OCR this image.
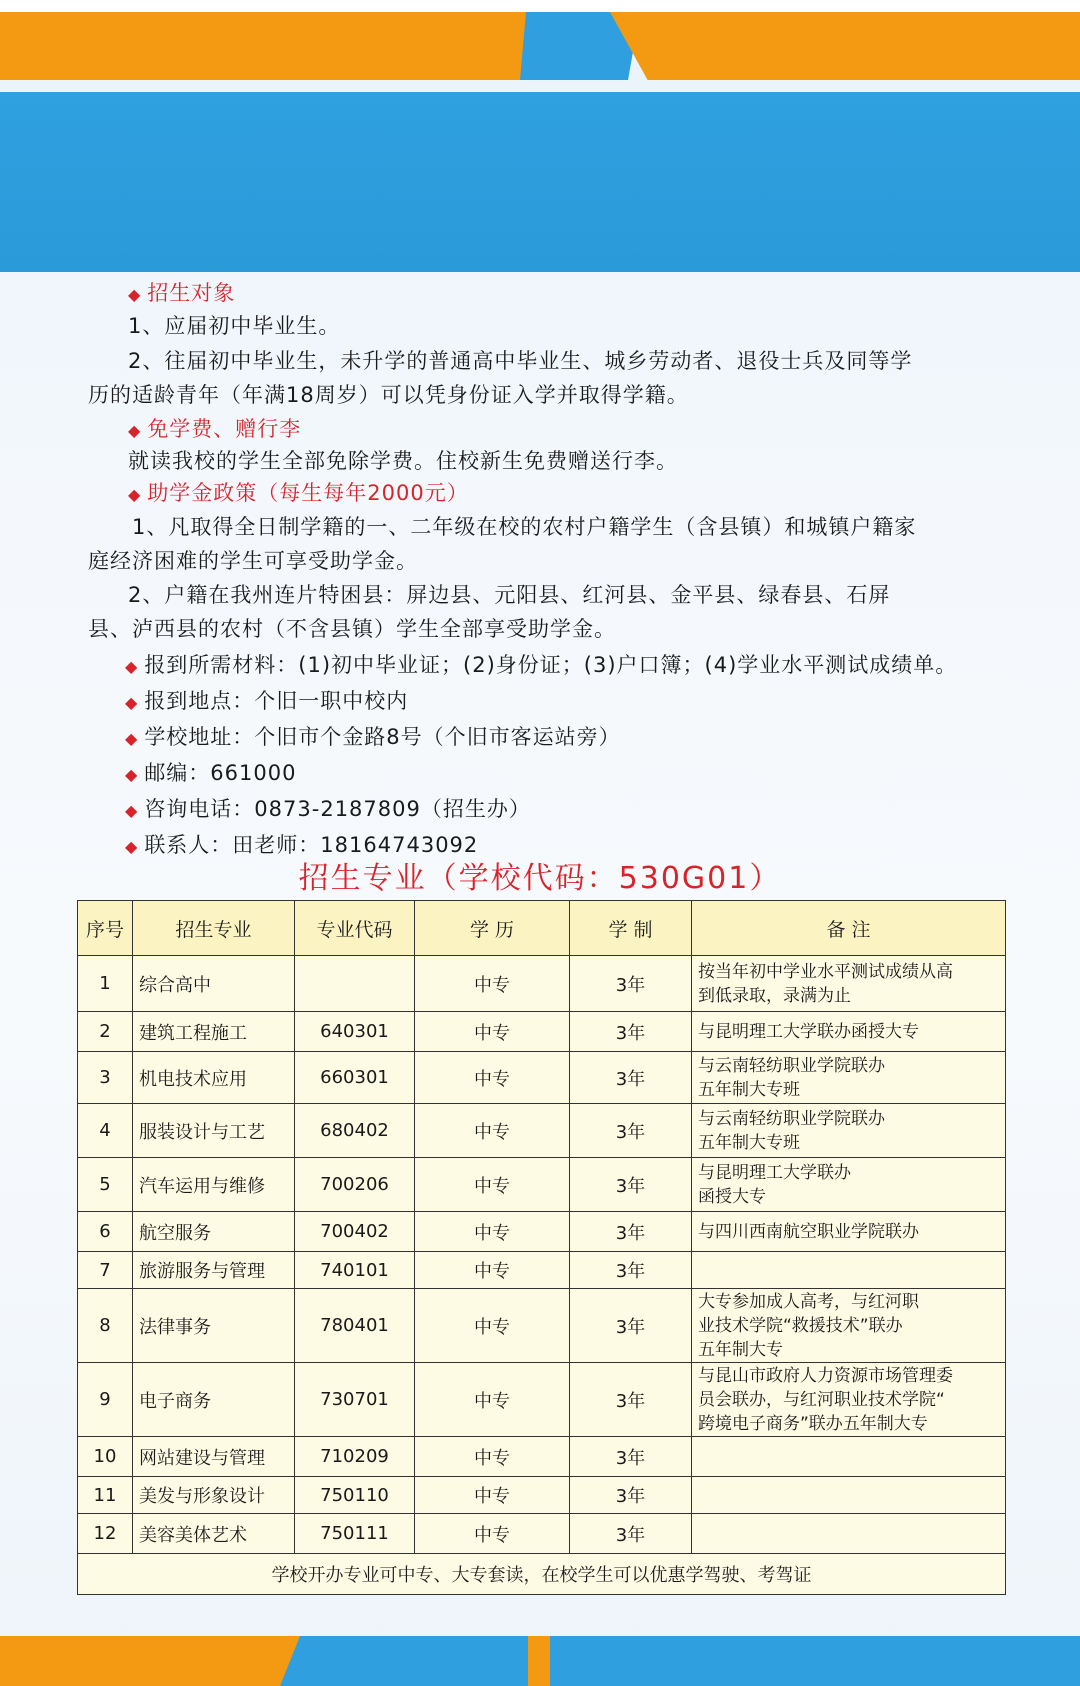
◆ 招生对象
1、应届初中毕业生。
2、往届初中毕业生，未升学的普通高中毕业生、城乡劳动者、退役士兵及同等学
历的适龄青年（年满18周岁）可以凭身份证入学并取得学籍。
◆ 免学费、赠行李
就读我校的学生全部免除学费。住校新生免费赠送行李。
◆ 助学金政策（每生每年2000元）
1、凡取得全日制学籍的一、二年级在校的农村户籍学生（含县镇）和城镇户籍家
庭经济困难的学生可享受助学金。
2、户籍在我州连片特困县：屏边县、元阳县、红河县、金平县、绿春县、石屏
县、泸西县的农村（不含县镇）学生全部享受助学金。
◆ 报到所需材料：(1)初中毕业证；(2)身份证；(3)户口簿；(4)学业水平测试成绩单。
◆ 报到地点：个旧一职中校内
◆ 学校地址：个旧市个金路8号（个旧市客运站旁）
◆ 邮编：661000
◆ 咨询电话：0873-2187809（招生办）
◆ 联系人：田老师：18164743092
招生专业（学校代码：530G01）
序号	招生专业	专业代码	学 历	学 制	备 注
1	综合高中		中专	3年	按当年初中学业水平测试成绩从高
到低录取，录满为止

2	建筑工程施工	640301	中专	3年	与昆明理工大学联办函授大专

3	机电技术应用	660301	中专	3年	与云南轻纺职业学院联办
五年制大专班

4	服装设计与工艺	680402	中专	3年	与云南轻纺职业学院联办
五年制大专班

5	汽车运用与维修	700206	中专	3年	与昆明理工大学联办
函授大专

6	航空服务	700402	中专	3年	与四川西南航空职业学院联办

7	旅游服务与管理	740101	中专	3年	
8	法律事务	780401	中专	3年	大专参加成人高考，与红河职
业技术学院“救援技术”联办
五年制大专

9	电子商务	730701	中专	3年	与昆山市政府人力资源市场管理委
员会联办，与红河职业技术学院“
跨境电子商务”联办五年制大专

10	网站建设与管理	710209	中专	3年	
11	美发与形象设计	750110	中专	3年	
12	美容美体艺术	750111	中专	3年	
学校开办专业可中专、大专套读，在校学生可以优惠学驾驶、考驾证					
